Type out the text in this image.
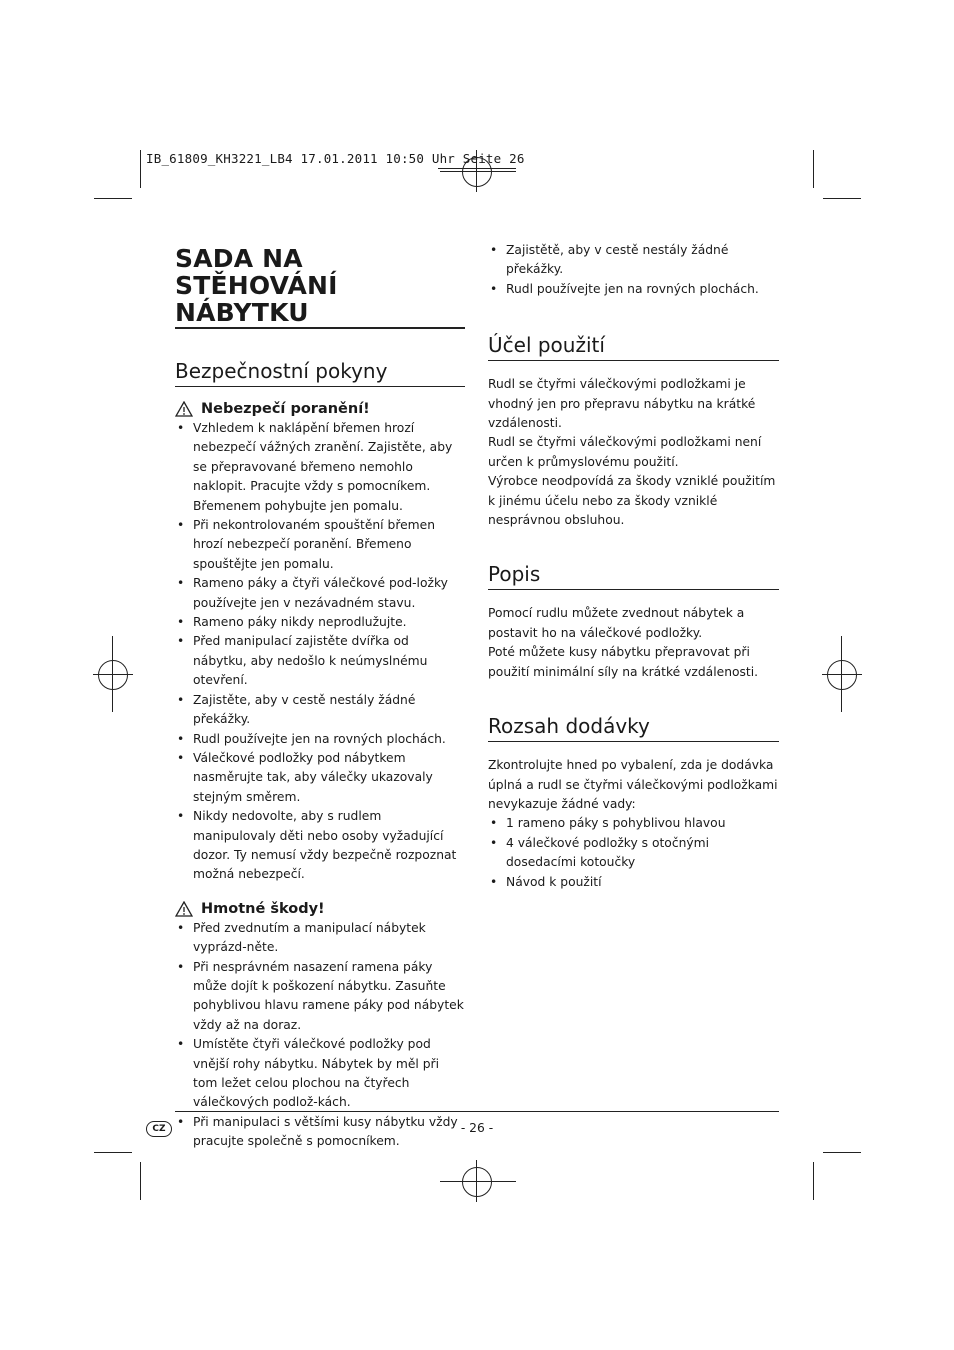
IB_61809_KH3221_LB4 17.01.2011 10:50 Uhr Seite 26
SADA NA STĚHOVÁNÍ
NÁBYTKU
Bezpečnostní pokyny
Nebezpečí poranění!
• Vzhledem k naklápění břemen hrozí nebezpečí vážných zranění. Zajistěte, aby se přepravované břemeno nemohlo naklopit. Pracujte vždy s pomocníkem. Břemenem pohybujte jen pomalu.
• Při nekontrolovaném spouštění břemen hrozí nebezpečí poranění. Břemeno spouštějte jen pomalu.
• Rameno páky a čtyři válečkové pod-ložky používejte jen v nezávadném stavu.
• Rameno páky nikdy neprodlužujte.
• Před manipulací zajistěte dvířka od nábytku, aby nedošlo k neúmyslnému otevření.
• Zajistěte, aby v cestě nestály žádné překážky.
• Rudl používejte jen na rovných plochách.
• Válečkové podložky pod nábytkem nasměrujte tak, aby válečky ukazovaly stejným směrem.
• Nikdy nedovolte, aby s rudlem manipulovaly děti nebo osoby vyžadující dozor. Ty nemusí vždy bezpečně rozpoznat možná nebezpečí.
Hmotné škody!
• Před zvednutím a manipulací nábytek vyprázd-něte.
• Při nesprávném nasazení ramena páky může dojít k poškození nábytku. Zasuňte pohyblivou hlavu ramene páky pod nábytek vždy až na doraz.
• Umístěte čtyři válečkové podložky pod vnější rohy nábytku. Nábytek by měl při tom ležet celou plochou na čtyřech válečkových podlož-kách.
• Při manipulaci s většími kusy nábytku vždy pracujte společně s pomocníkem.
• Zajistětě, aby v cestě nestály žádné překážky.
• Rudl používejte jen na rovných plochách.
Účel použití

Rudl se čtyřmi válečkovými podložkami je vhodný jen pro přepravu nábytku na krátké vzdálenosti.

Rudl se čtyřmi válečkovými podložkami není určen k průmyslovému použití.

Výrobce neodpovídá za škody vzniklé použitím k jinému účelu nebo za škody vzniklé nesprávnou obsluhou.

Popis

Pomocí rudlu můžete zvednout nábytek a postavit ho na válečkové podložky.

Poté můžete kusy nábytku přepravovat při použití minimální síly na krátké vzdálenosti.

Rozsah dodávky

Zkontrolujte hned po vybalení, zda je dodávka úplná a rudl se čtyřmi válečkovými podložkami nevykazuje žádné vady:

• 1 rameno páky s pohyblivou hlavou
• 4 válečkové podložky s otočnými dosedacími kotoučky
• Návod k použití
CZ	- 26 -
